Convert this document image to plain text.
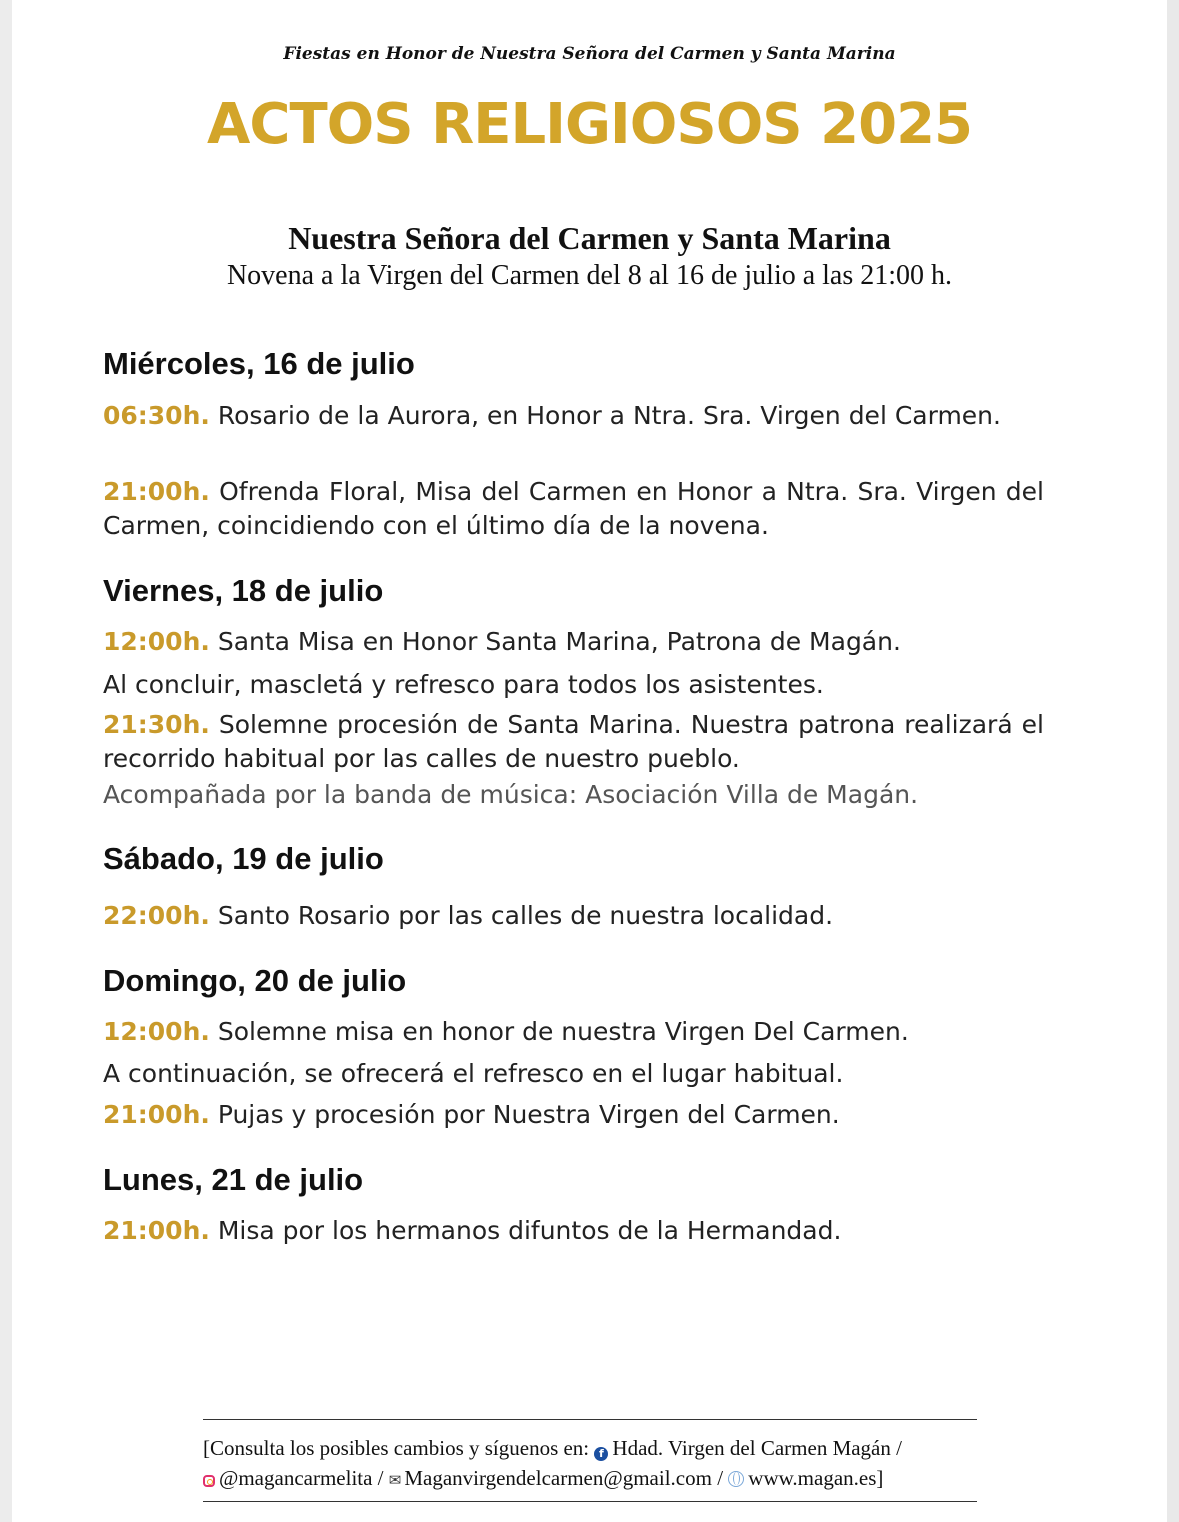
Fiestas en Honor de Nuestra Señora del Carmen y Santa Marina
ACTOS RELIGIOSOS 2025
Nuestra Señora del Carmen y Santa Marina
Novena a la Virgen del Carmen del 8 al 16 de julio a las 21:00 h.
Miércoles, 16 de julio
06:30h. Rosario de la Aurora, en Honor a Ntra. Sra. Virgen del Carmen.
21:00h. Ofrenda Floral, Misa del Carmen en Honor a Ntra. Sra. Virgen del Carmen, coincidiendo con el último día de la novena.
Viernes, 18 de julio
12:00h. Santa Misa en Honor Santa Marina, Patrona de Magán.
Al concluir, mascletá y refresco para todos los asistentes.
21:30h. Solemne procesión de Santa Marina. Nuestra patrona realizará el recorrido habitual por las calles de nuestro pueblo.
Acompañada por la banda de música: Asociación Villa de Magán.
Sábado, 19 de julio
22:00h. Santo Rosario por las calles de nuestra localidad.
Domingo, 20 de julio
12:00h. Solemne misa en honor de nuestra Virgen Del Carmen.
A continuación, se ofrecerá el refresco en el lugar habitual.
21:00h. Pujas y procesión por Nuestra Virgen del Carmen.
Lunes, 21 de julio
21:00h. Misa por los hermanos difuntos de la Hermandad.
[Consulta los posibles cambios y síguenos en: f Hdad. Virgen del Carmen Magán /
@magancarmelita / ✉ Maganvirgendelcarmen@gmail.com / www.magan.es]
